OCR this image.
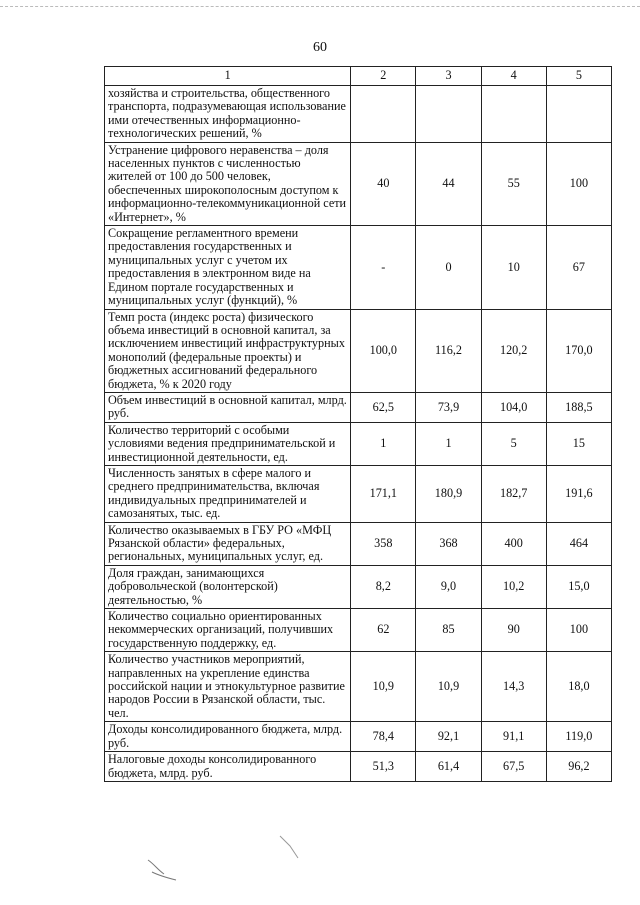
60
1	2	3	4	5
хозяйства и строительства, общественного транспорта, подразумевающая использование ими отечественных информационно-технологических решений, %				
Устранение цифрового неравенства – доля населенных пунктов с численностью жителей от 100 до 500 человек, обеспеченных широкополосным доступом к информационно-телекоммуникационной сети «Интернет», %	40	44	55	100
Сокращение регламентного времени предоставления государственных и муниципальных услуг с учетом их предоставления в электронном виде на Едином портале государственных и муниципальных услуг (функций), %	-	0	10	67
Темп роста (индекс роста) физического объема инвестиций в основной капитал, за исключением инвестиций инфраструктурных монополий (федеральные проекты) и бюджетных ассигнований федерального бюджета, % к 2020 году	100,0	116,2	120,2	170,0
Объем инвестиций в основной капитал, млрд. руб.	62,5	73,9	104,0	188,5
Количество территорий с особыми условиями ведения предпринимательской и инвестиционной деятельности, ед.	1	1	5	15
Численность занятых в сфере малого и среднего предпринимательства, включая индивидуальных предпринимателей и самозанятых, тыс. ед.	171,1	180,9	182,7	191,6
Количество оказываемых в ГБУ РО «МФЦ Рязанской области» федеральных, региональных, муниципальных услуг, ед.	358	368	400	464
Доля граждан, занимающихся добровольческой (волонтерской) деятельностью, %	8,2	9,0	10,2	15,0
Количество социально ориентированных некоммерческих организаций, получивших государственную поддержку, ед.	62	85	90	100
Количество участников мероприятий, направленных на укрепление единства российской нации и этнокультурное развитие народов России в Рязанской области, тыс. чел.	10,9	10,9	14,3	18,0
Доходы консолидированного бюджета, млрд. руб.	78,4	92,1	91,1	119,0
Налоговые доходы консолидированного бюджета, млрд. руб.	51,3	61,4	67,5	96,2
